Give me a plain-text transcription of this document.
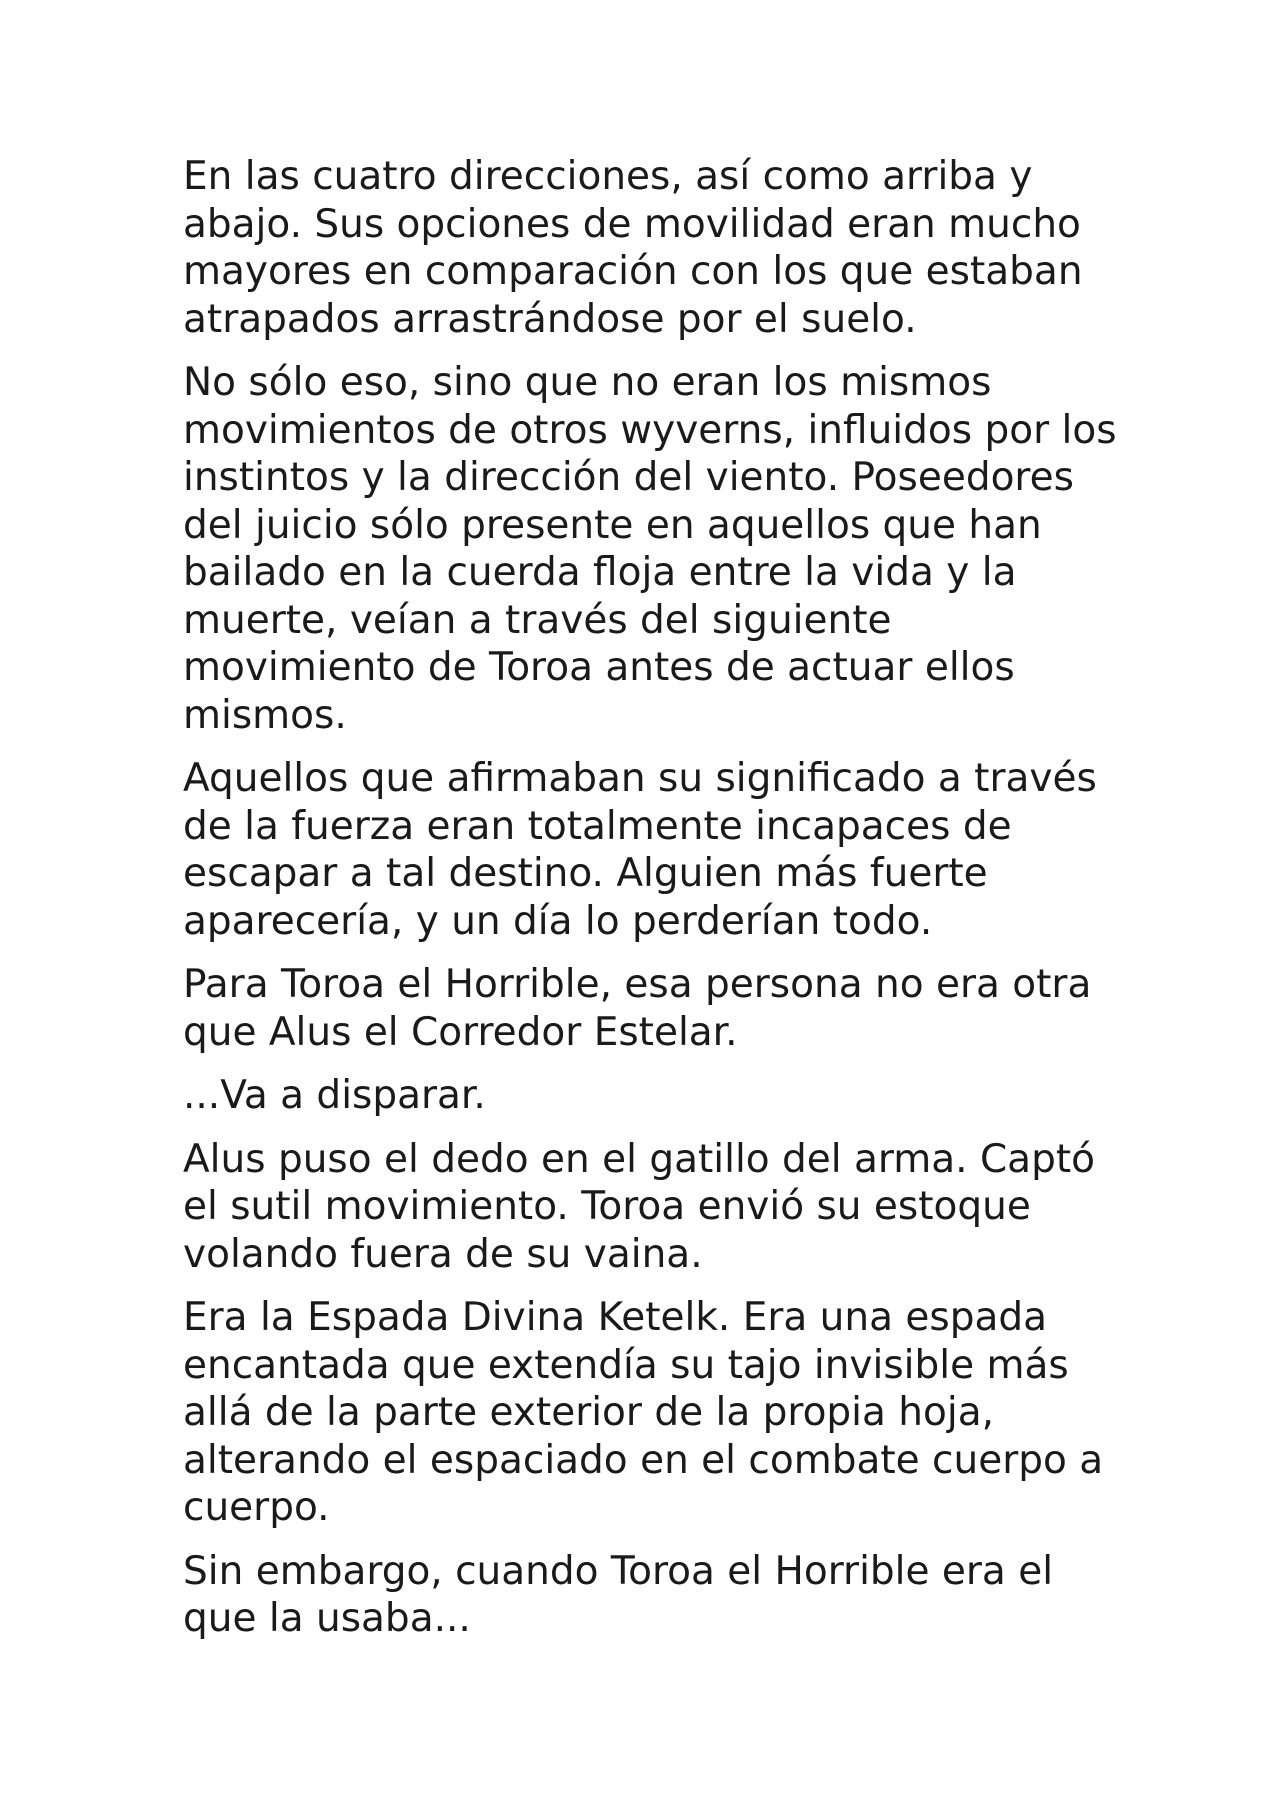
En las cuatro direcciones, así como arriba y abajo. Sus opciones de movilidad eran mucho mayores en comparación con los que estaban atrapados arrastrándose por el suelo.

No sólo eso, sino que no eran los mismos movimientos de otros wyverns, influidos por los instintos y la dirección del viento. Poseedores del juicio sólo presente en aquellos que han bailado en la cuerda floja entre la vida y la muerte, veían a través del siguiente movimiento de Toroa antes de actuar ellos mismos.

Aquellos que afirmaban su significado a través de la fuerza eran totalmente incapaces de escapar a tal destino. Alguien más fuerte aparecería, y un día lo perderían todo.

Para Toroa el Horrible, esa persona no era otra que Alus el Corredor Estelar.

...Va a disparar.

Alus puso el dedo en el gatillo del arma. Captó el sutil movimiento. Toroa envió su estoque volando fuera de su vaina.

Era la Espada Divina Ketelk. Era una espada encantada que extendía su tajo invisible más allá de la parte exterior de la propia hoja, alterando el espaciado en el combate cuerpo a cuerpo.

Sin embargo, cuando Toroa el Horrible era el que la usaba...
